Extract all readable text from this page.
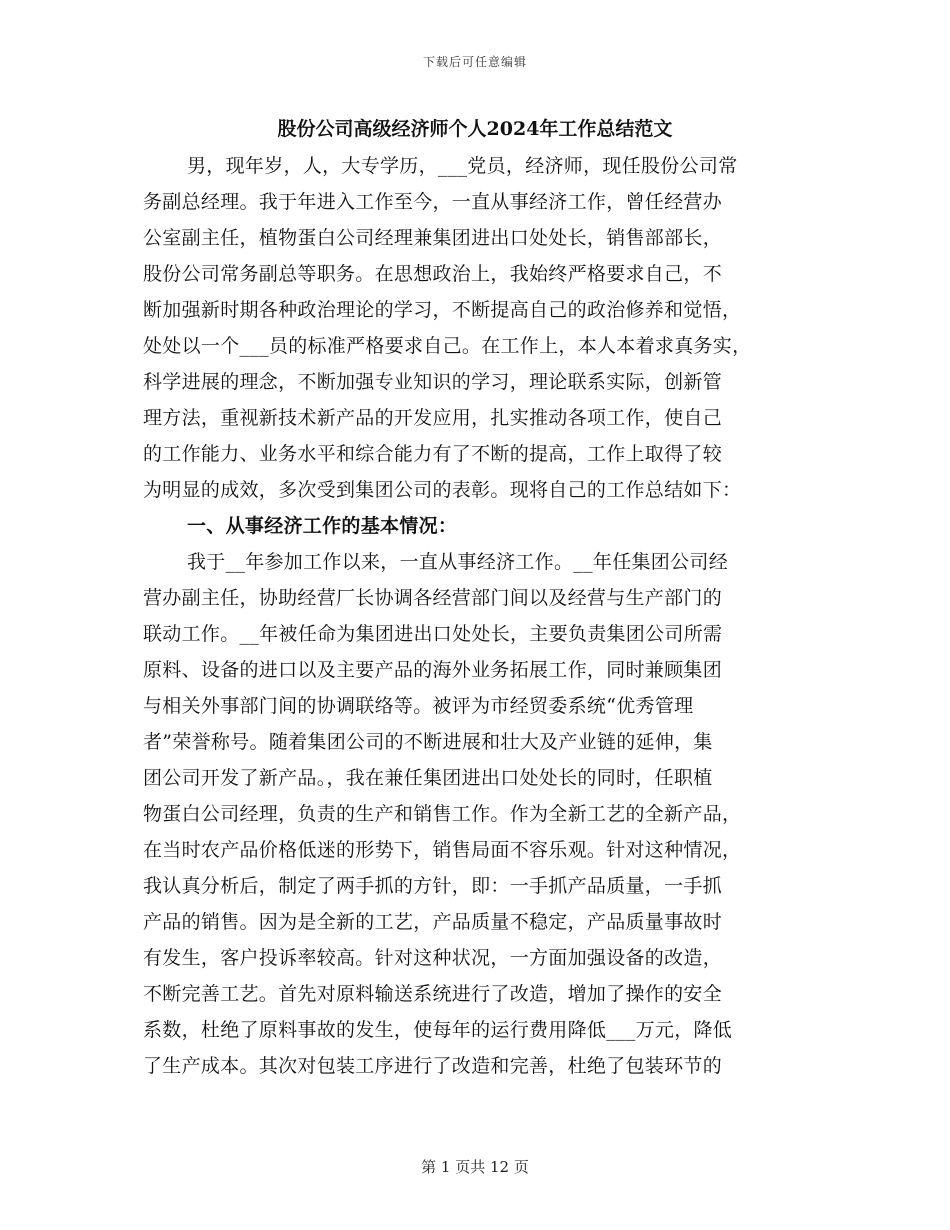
下载后可任意编辑
股份公司高级经济师个人2024年工作总结范文
男，现年岁，人，大专学历，___党员，经济师，现任股份公司常
务副总经理。我于年进入工作至今，一直从事经济工作，曾任经营办
公室副主任，植物蛋白公司经理兼集团进出口处处长，销售部部长，
股份公司常务副总等职务。在思想政治上，我始终严格要求自己，不
断加强新时期各种政治理论的学习，不断提高自己的政治修养和觉悟，
处处以一个___员的标准严格要求自己。在工作上，本人本着求真务实，
科学进展的理念，不断加强专业知识的学习，理论联系实际，创新管
理方法，重视新技术新产品的开发应用，扎实推动各项工作，使自己
的工作能力、业务水平和综合能力有了不断的提高，工作上取得了较
为明显的成效，多次受到集团公司的表彰。现将自己的工作总结如下：
一、从事经济工作的基本情况：
我于__年参加工作以来，一直从事经济工作。__年任集团公司经
营办副主任，协助经营厂长协调各经营部门间以及经营与生产部门的
联动工作。__年被任命为集团进出口处处长，主要负责集团公司所需
原料、设备的进口以及主要产品的海外业务拓展工作，同时兼顾集团
与相关外事部门间的协调联络等。被评为市经贸委系统“优秀管理
者”荣誉称号。随着集团公司的不断进展和壮大及产业链的延伸，集
团公司开发了新产品。，我在兼任集团进出口处处长的同时，任职植
物蛋白公司经理，负责的生产和销售工作。作为全新工艺的全新产品，
在当时农产品价格低迷的形势下，销售局面不容乐观。针对这种情况，
我认真分析后，制定了两手抓的方针，即：一手抓产品质量，一手抓
产品的销售。因为是全新的工艺，产品质量不稳定，产品质量事故时
有发生，客户投诉率较高。针对这种状况，一方面加强设备的改造，
不断完善工艺。首先对原料输送系统进行了改造，增加了操作的安全
系数，杜绝了原料事故的发生，使每年的运行费用降低___万元，降低
了生产成本。其次对包装工序进行了改造和完善，杜绝了包装环节的
第 1 页共 12 页
